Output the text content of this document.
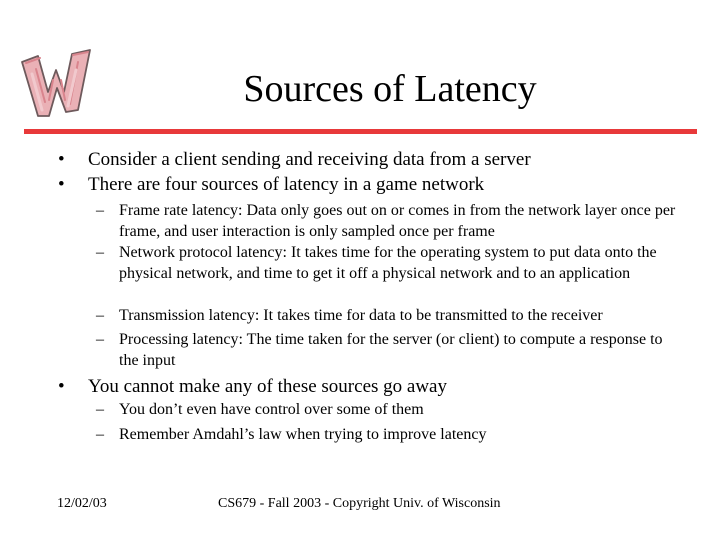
Sources of Latency
• Consider a client sending and receiving data from a server
• There are four sources of latency in a game network
– Frame rate latency: Data only goes out on or comes in from the network layer once per frame, and user interaction is only sampled once per frame
– Network protocol latency: It takes time for the operating system to put data onto the physical network, and time to get it off a physical network and to an application
– Transmission latency: It takes time for data to be transmitted to the receiver
– Processing latency: The time taken for the server (or client) to compute a response to the input
• You cannot make any of these sources go away
– You don’t even have control over some of them
– Remember Amdahl’s law when trying to improve latency
12/02/03	CS679 - Fall 2003 - Copyright Univ. of Wisconsin
